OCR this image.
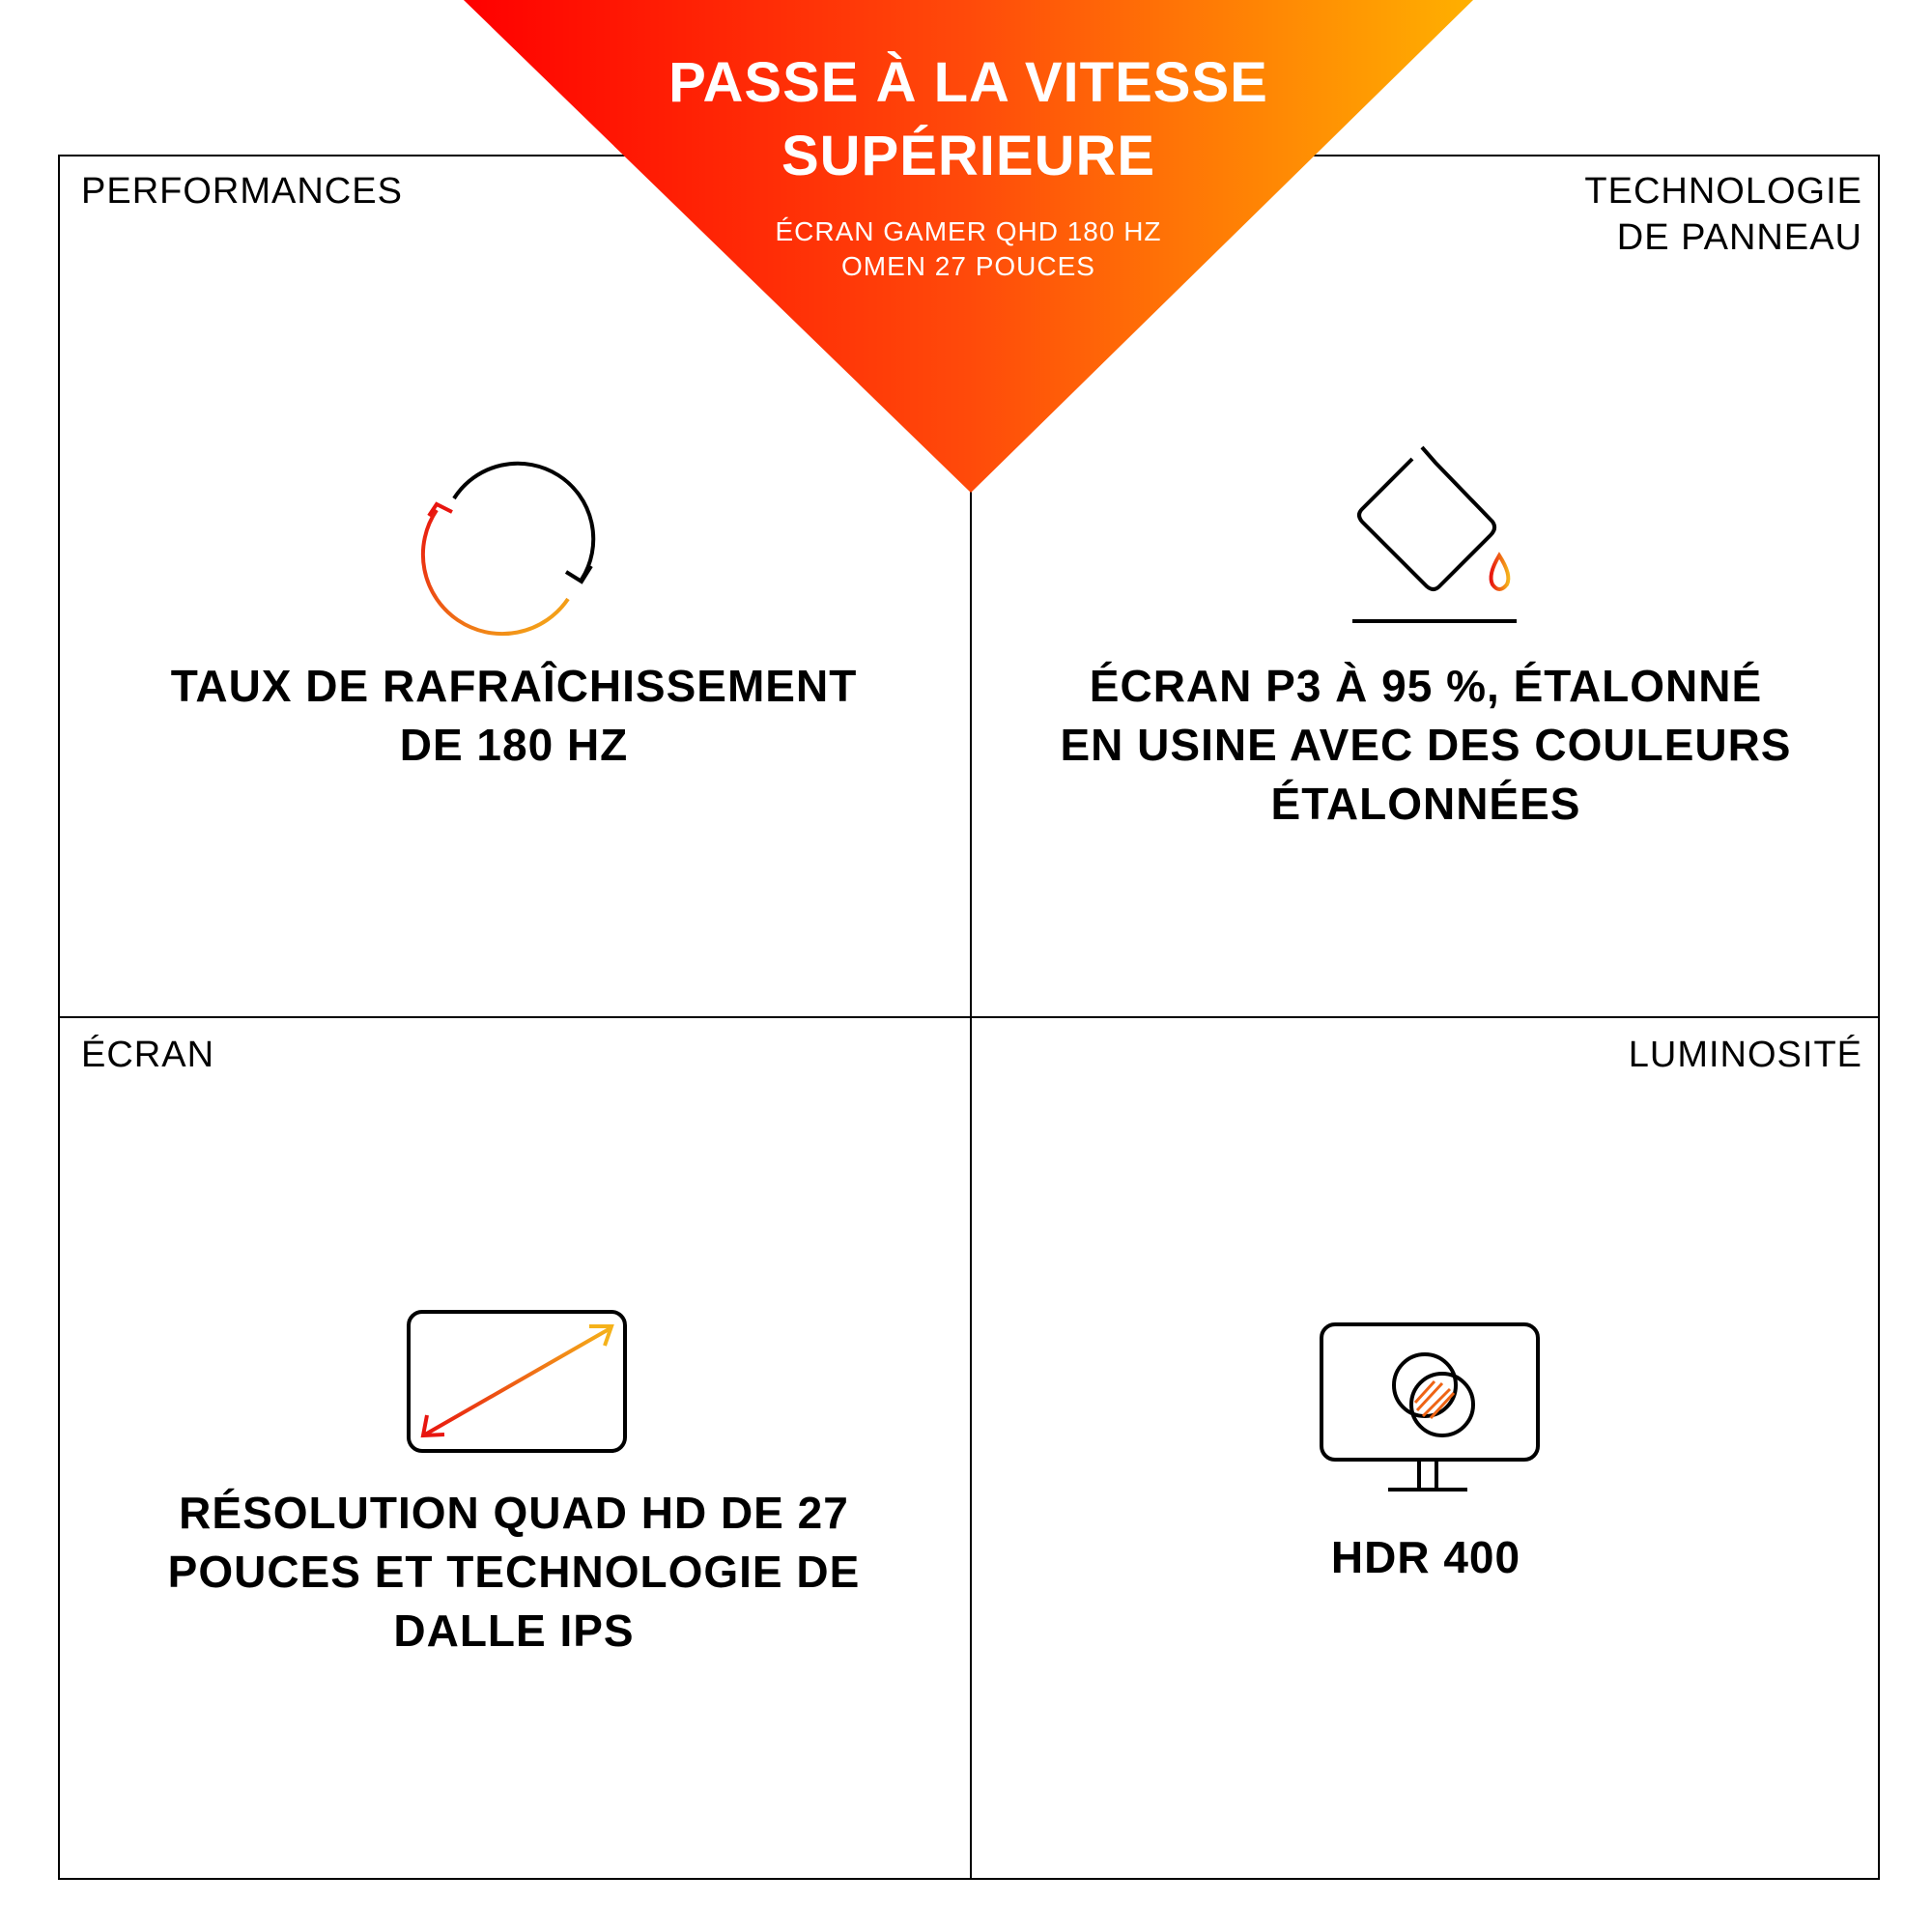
PASSE À LA VITESSE
SUPÉRIEURE
ÉCRAN GAMER QHD 180 HZ
OMEN 27 POUCES
PERFORMANCES	TECHNOLOGIE
DE PANNEAU
ÉCRAN	LUMINOSITÉ
TAUX DE RAFRAÎCHISSEMENT
DE 180 HZ
ÉCRAN P3 À 95 %, ÉTALONNÉ
EN USINE AVEC DES COULEURS
ÉTALONNÉES
RÉSOLUTION QUAD HD DE 27
POUCES ET TECHNOLOGIE DE
DALLE IPS
HDR 400
